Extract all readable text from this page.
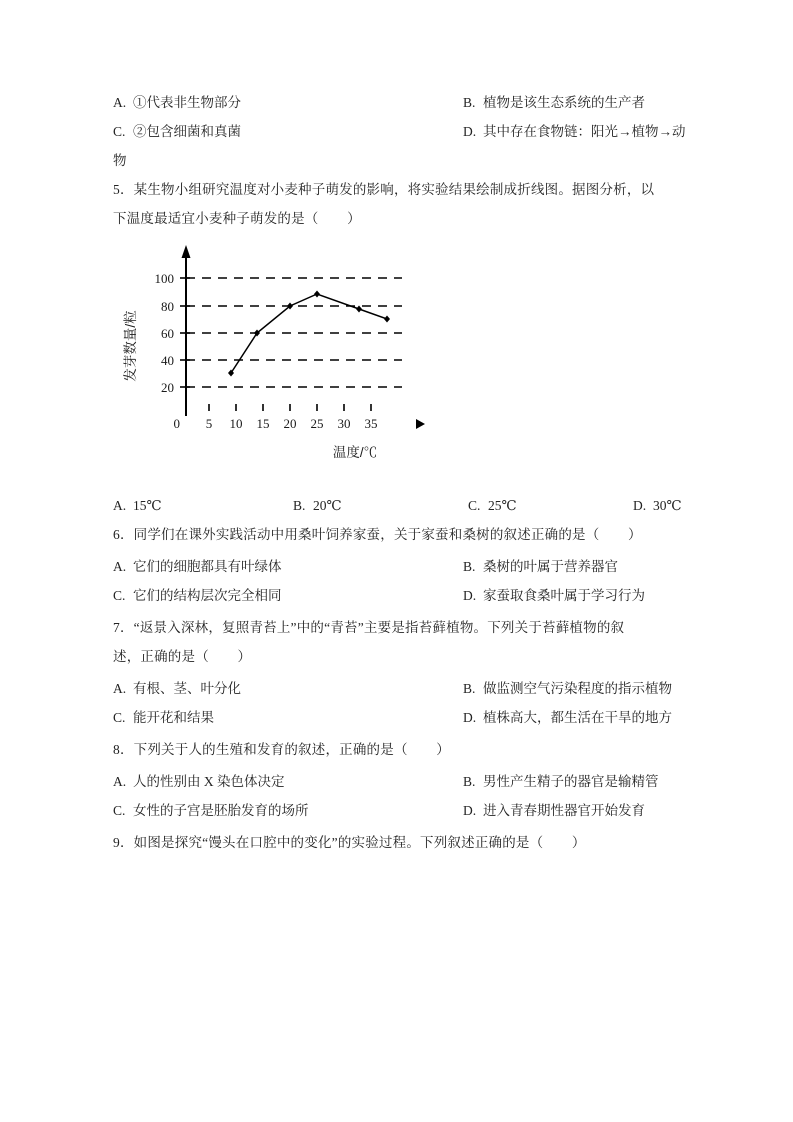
A. ①代表非生物部分	B. 植物是该生态系统的生产者
C. ②包含细菌和真菌	D. 其中存在食物链：阳光→植物→动
物
5．某生物小组研究温度对小麦种子萌发的影响，将实验结果绘制成折线图。据图分析，以
下温度最适宜小麦种子萌发的是（        ）
100
80
60
40
20
0 5 10 15 20 25 30 35
发芽数量/粒
温度/℃
A. 15℃	B. 20℃	C. 25℃	D. 30℃
6．同学们在课外实践活动中用桑叶饲养家蚕，关于家蚕和桑树的叙述正确的是（        ）
A. 它们的细胞都具有叶绿体	B. 桑树的叶属于营养器官
C. 它们的结构层次完全相同	D. 家蚕取食桑叶属于学习行为
7．“返景入深林，复照青苔上”中的“青苔”主要是指苔藓植物。下列关于苔藓植物的叙
述，正确的是（        ）
A. 有根、茎、叶分化	B. 做监测空气污染程度的指示植物
C. 能开花和结果	D. 植株高大，都生活在干旱的地方
8．下列关于人的生殖和发育的叙述，正确的是（        ）
A. 人的性别由 X 染色体决定	B. 男性产生精子的器官是输精管
C. 女性的子宫是胚胎发育的场所	D. 进入青春期性器官开始发育
9．如图是探究“馒头在口腔中的变化”的实验过程。下列叙述正确的是（        ）
